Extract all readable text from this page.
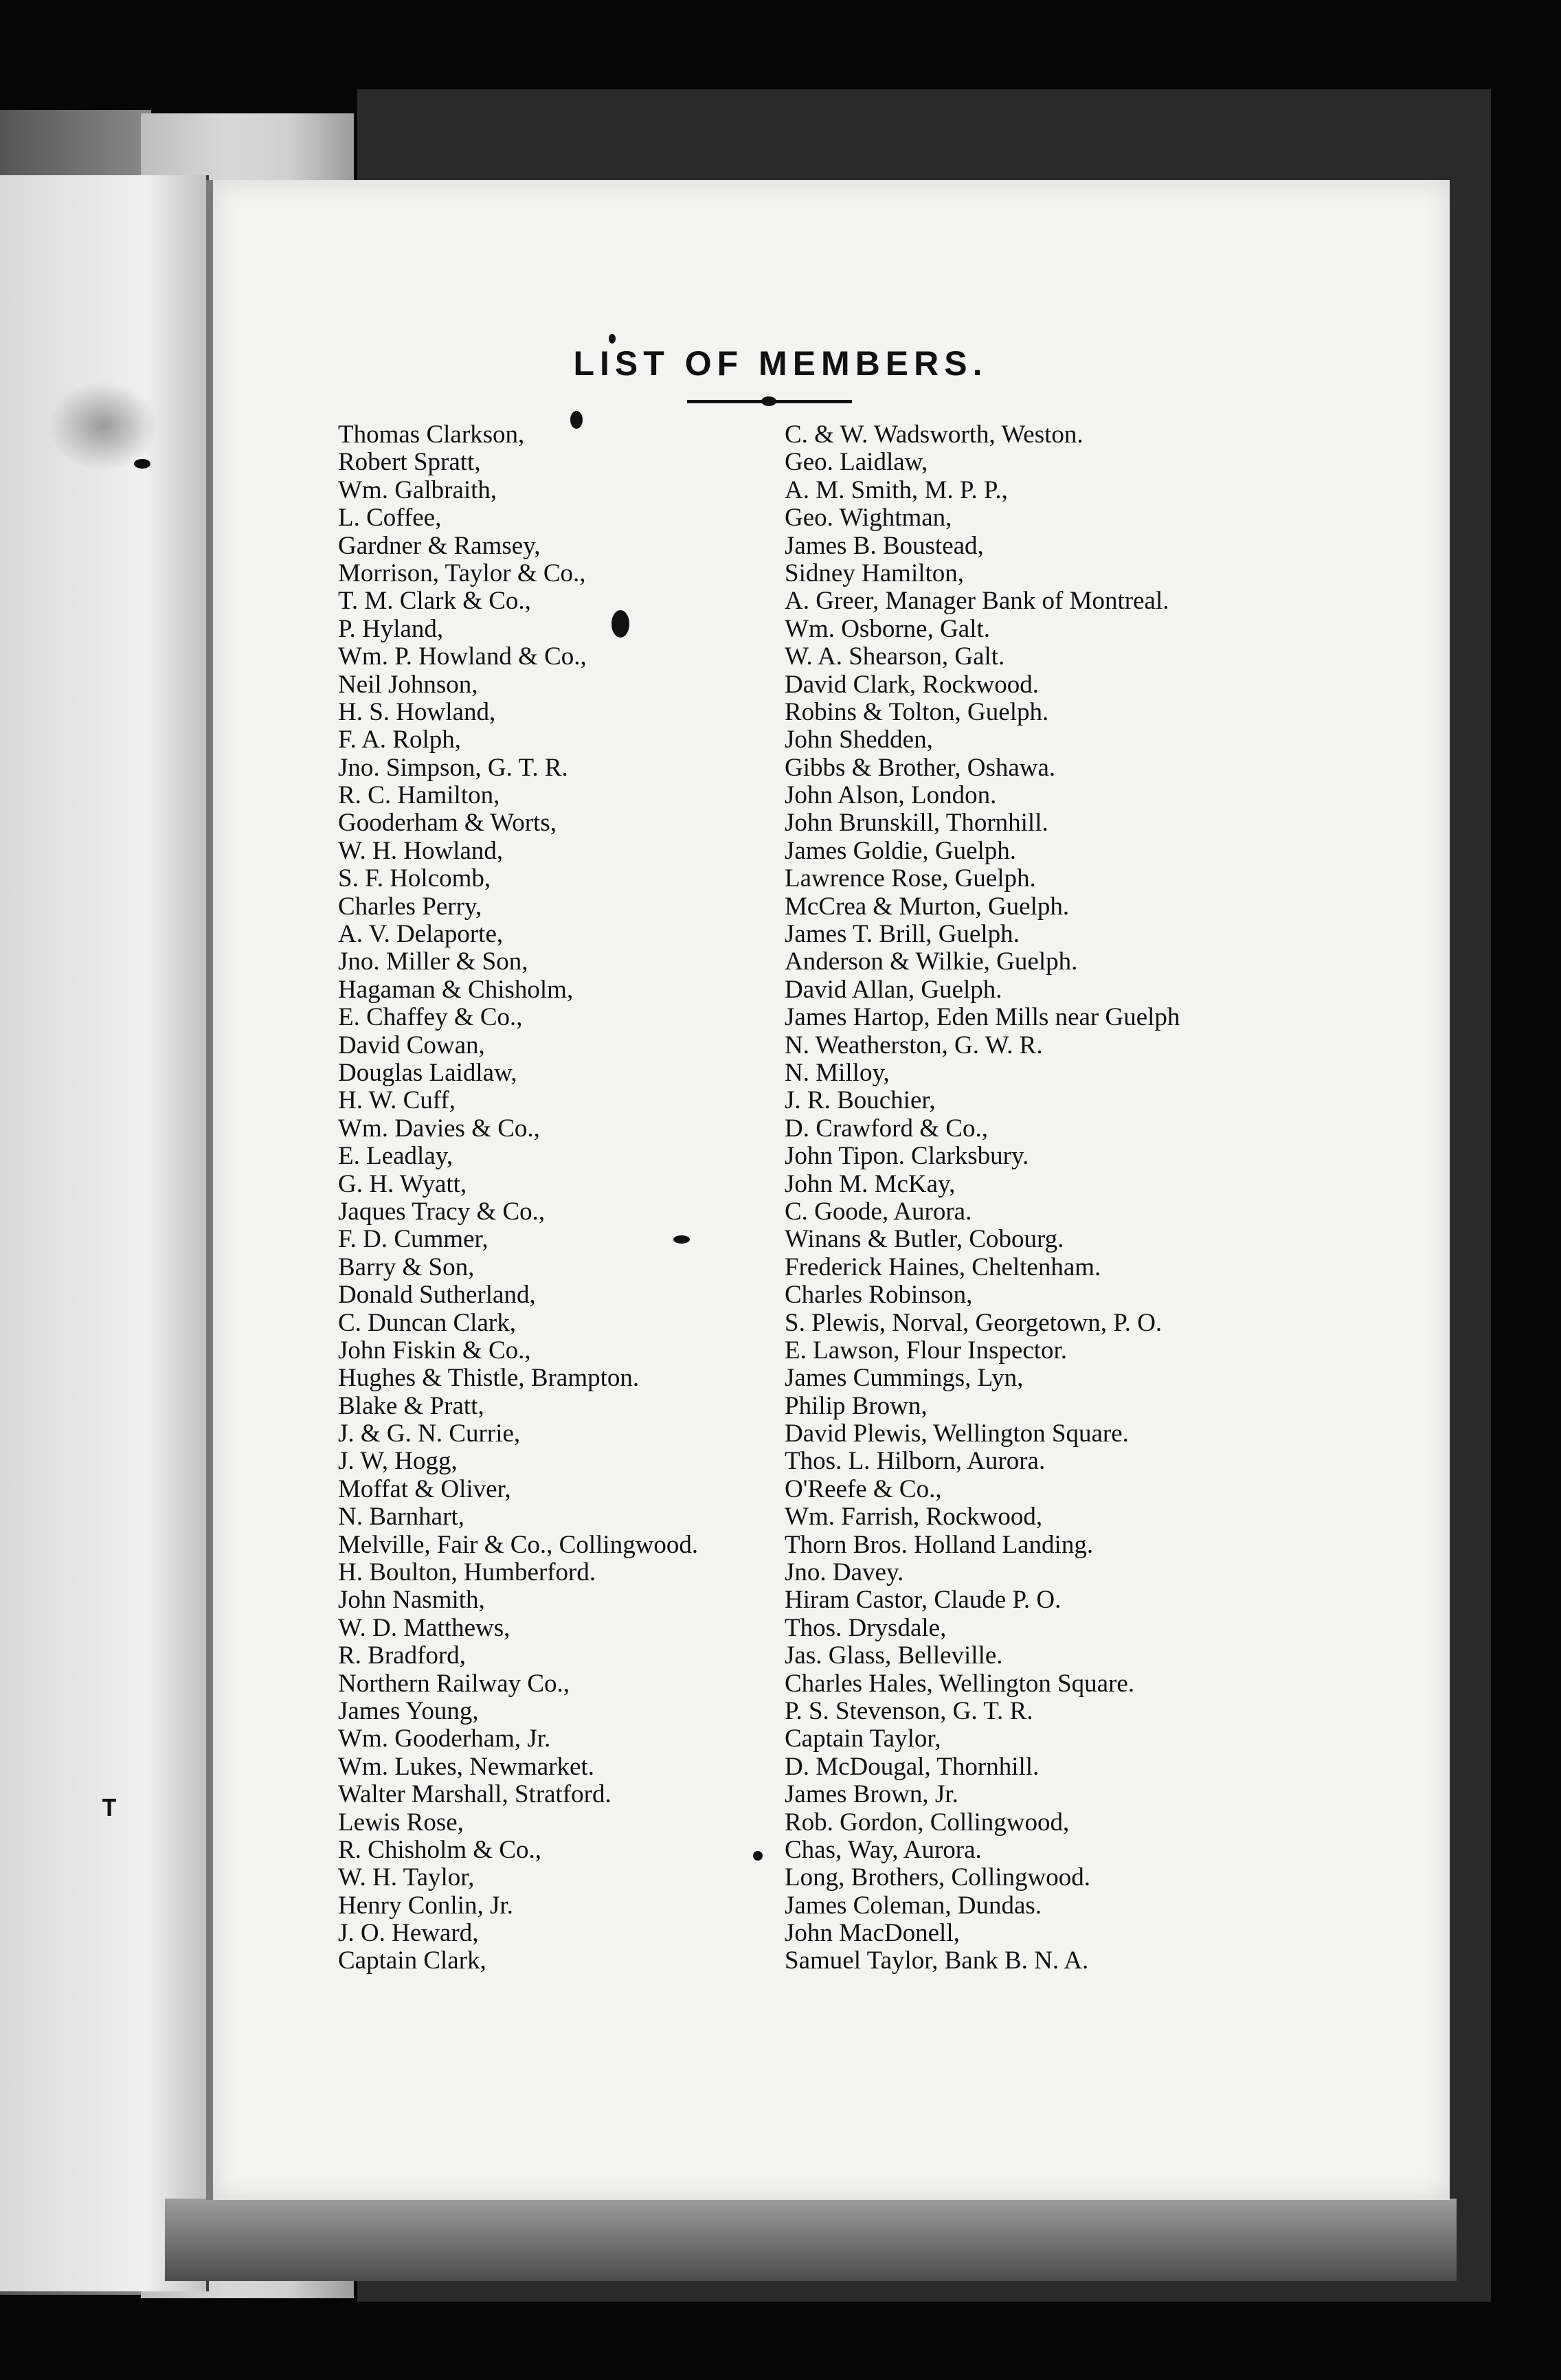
𝐓
LIST OF MEMBERS.
Thomas Clarkson,
Robert Spratt,
Wm. Galbraith,
L. Coffee,
Gardner & Ramsey,
Morrison, Taylor & Co.,
T. M. Clark & Co.,
P. Hyland,
Wm. P. Howland & Co.,
Neil Johnson,
H. S. Howland,
F. A. Rolph,
Jno. Simpson, G. T. R.
R. C. Hamilton,
Gooderham & Worts,
W. H. Howland,
S. F. Holcomb,
Charles Perry,
A. V. Delaporte,
Jno. Miller & Son,
Hagaman & Chisholm,
E. Chaffey & Co.,
David Cowan,
Douglas Laidlaw,
H. W. Cuff,
Wm. Davies & Co.,
E. Leadlay,
G. H. Wyatt,
Jaques Tracy & Co.,
F. D. Cummer,
Barry & Son,
Donald Sutherland,
C. Duncan Clark,
John Fiskin & Co.,
Hughes & Thistle, Brampton.
Blake & Pratt,
J. & G. N. Currie,
J. W, Hogg,
Moffat & Oliver,
N. Barnhart,
Melville, Fair & Co., Collingwood.
H. Boulton, Humberford.
John Nasmith,
W. D. Matthews,
R. Bradford,
Northern Railway Co.,
James Young,
Wm. Gooderham, Jr.
Wm. Lukes, Newmarket.
Walter Marshall, Stratford.
Lewis Rose,
R. Chisholm & Co.,
W. H. Taylor,
Henry Conlin, Jr.
J. O. Heward,
Captain Clark,
C. & W. Wadsworth, Weston.
Geo. Laidlaw,
A. M. Smith, M. P. P.,
Geo. Wightman,
James B. Boustead,
Sidney Hamilton,
A. Greer, Manager Bank of Montreal.
Wm. Osborne, Galt.
W. A. Shearson, Galt.
David Clark, Rockwood.
Robins & Tolton, Guelph.
John Shedden,
Gibbs & Brother, Oshawa.
John Alson, London.
John Brunskill, Thornhill.
James Goldie, Guelph.
Lawrence Rose, Guelph.
McCrea & Murton, Guelph.
James T. Brill, Guelph.
Anderson & Wilkie, Guelph.
David Allan, Guelph.
James Hartop, Eden Mills near Guelph
N. Weatherston, G. W. R.
N. Milloy,
J. R. Bouchier,
D. Crawford & Co.,
John Tipon. Clarksbury.
John M. McKay,
C. Goode, Aurora.
Winans & Butler, Cobourg.
Frederick Haines, Cheltenham.
Charles Robinson,
S. Plewis, Norval, Georgetown, P. O.
E. Lawson, Flour Inspector.
James Cummings, Lyn,
Philip Brown,
David Plewis, Wellington Square.
Thos. L. Hilborn, Aurora.
O'Reefe & Co.,
Wm. Farrish, Rockwood,
Thorn Bros. Holland Landing.
Jno. Davey.
Hiram Castor, Claude P. O.
Thos. Drysdale,
Jas. Glass, Belleville.
Charles Hales, Wellington Square.
P. S. Stevenson, G. T. R.
Captain Taylor,
D. McDougal, Thornhill.
James Brown, Jr.
Rob. Gordon, Collingwood,
Chas, Way, Aurora.
Long, Brothers, Collingwood.
James Coleman, Dundas.
John MacDonell,
Samuel Taylor, Bank B. N. A.
